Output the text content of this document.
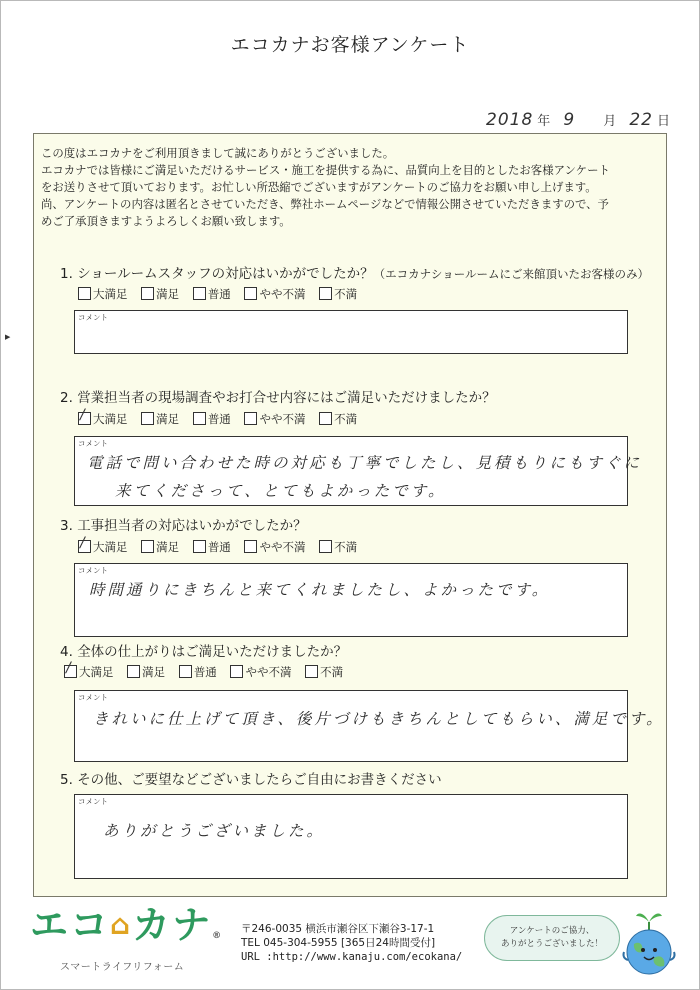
エコカナお客様アンケート
2018 年 9 月 22 日
この度はエコカナをご利用頂きまして誠にありがとうございました。
エコカナでは皆様にご満足いただけるサービス・施工を提供する為に、品質向上を目的としたお客様アンケート
をお送りさせて頂いております。お忙しい所恐縮でございますがアンケートのご協力をお願い申し上げます。
尚、アンケートの内容は匿名とさせていただき、弊社ホームページなどで情報公開させていただきますので、予
めご了承頂きますようよろしくお願い致します。
▶
1. ショールームスタッフの対応はいかがでしたか？（エコカナショールームにご来館頂いたお客様のみ）
大満足 満足 普通 やや不満 不満
コメント
2. 営業担当者の現場調査やお打合せ内容にはご満足いただけましたか？
/ 大満足 満足 普通 やや不満 不満
コメント
電話で問い合わせた時の対応も丁寧でしたし、見積もりにもすぐに
来てくださって、とてもよかったです。
3. 工事担当者の対応はいかがでしたか？
/ 大満足 満足 普通 やや不満 不満
コメント
時間通りにきちんと来てくれましたし、よかったです。
4. 全体の仕上がりはご満足いただけましたか？
/ 大満足 満足 普通 やや不満 不満
コメント
きれいに仕上げて頂き、後片づけもきちんとしてもらい、満足です。
5. その他、ご要望などございましたらご自由にお書きください
コメント
ありがとうございました。
エコ⌂カナ®
スマートライフリフォーム
〒246-0035 横浜市瀬谷区下瀬谷3-17-1
TEL 045-304-5955 [365日24時間受付]
URL :http://www.kanaju.com/ecokana/
アンケートのご協力、
ありがとうございました！
